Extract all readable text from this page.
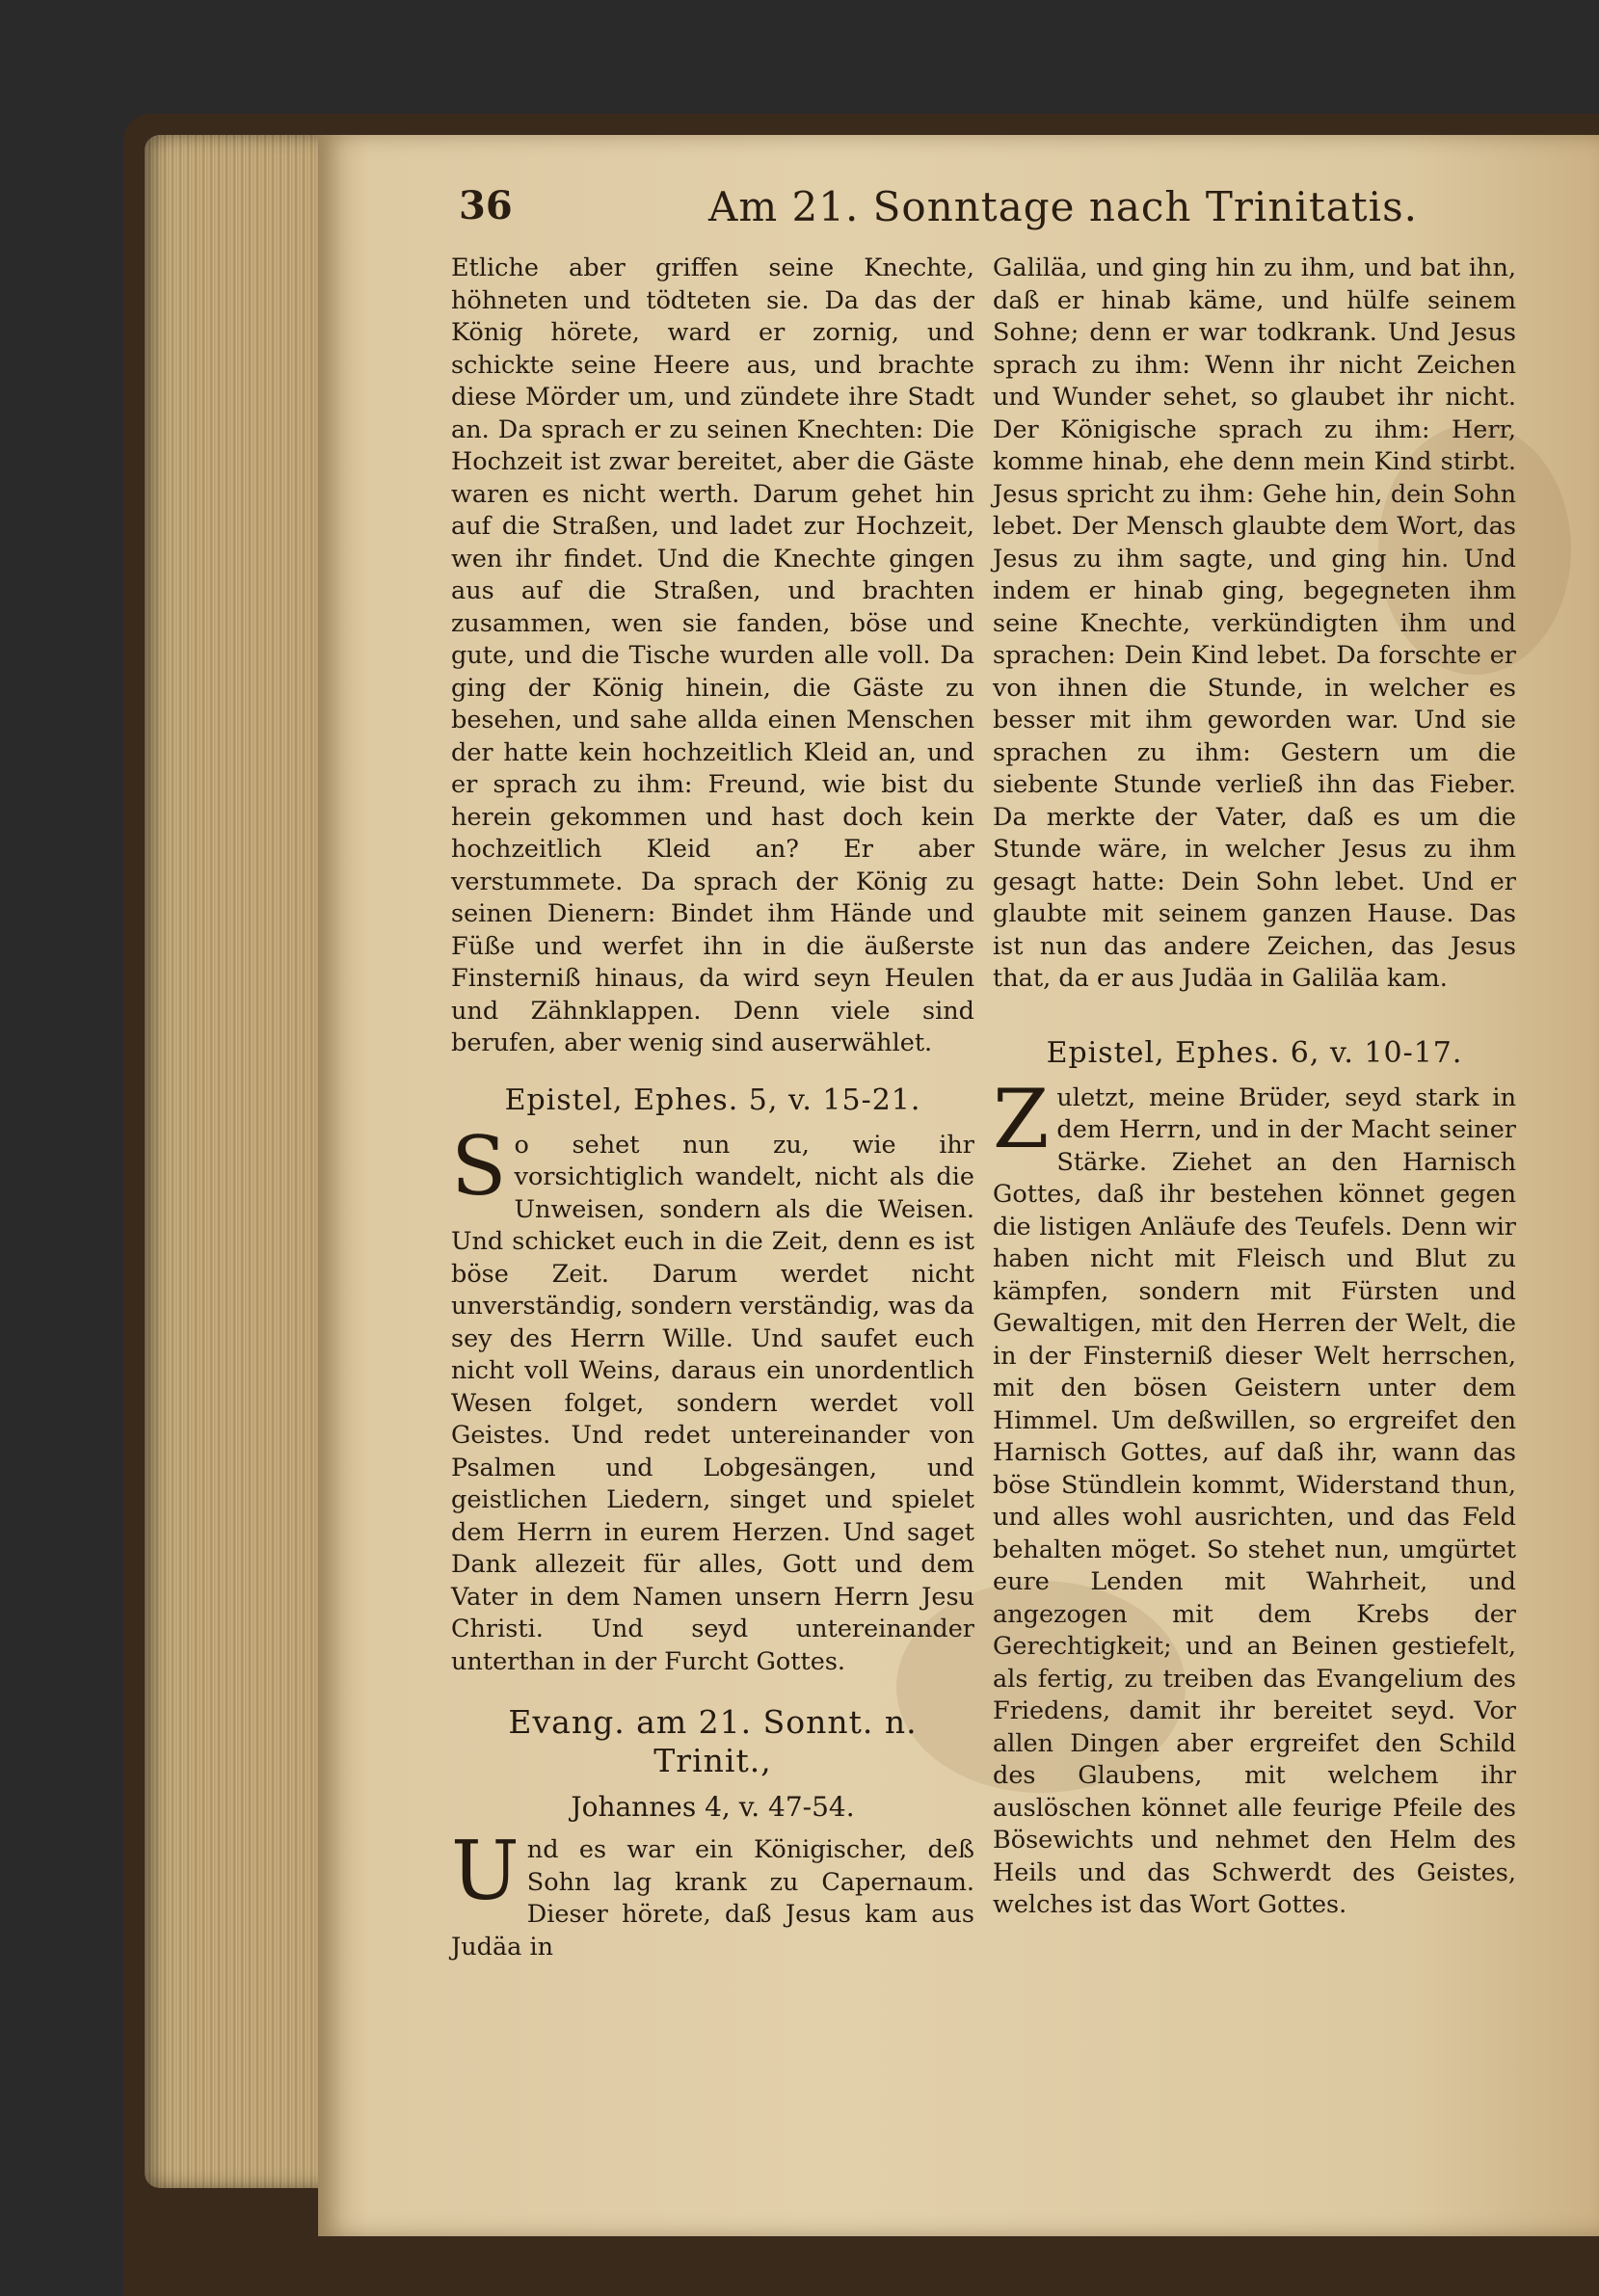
36	Am 21. Sonntage nach Trinitatis.

Etliche aber griffen seine Knechte, höhneten und tödteten sie. Da das der König hörete, ward er zornig, und schickte seine Heere aus, und brachte diese Mörder um, und zündete ihre Stadt an. Da sprach er zu seinen Knechten: Die Hochzeit ist zwar bereitet, aber die Gäste waren es nicht werth. Darum gehet hin auf die Straßen, und ladet zur Hochzeit, wen ihr findet. Und die Knechte gingen aus auf die Straßen, und brachten zusammen, wen sie fanden, böse und gute, und die Tische wurden alle voll. Da ging der König hinein, die Gäste zu besehen, und sahe allda einen Menschen der hatte kein hochzeitlich Kleid an, und er sprach zu ihm: Freund, wie bist du herein gekommen und hast doch kein hochzeitlich Kleid an? Er aber verstummete. Da sprach der König zu seinen Dienern: Bindet ihm Hände und Füße und werfet ihn in die äußerste Finsterniß hinaus, da wird seyn Heulen und Zähnklappen. Denn viele sind berufen, aber wenig sind auserwählet.

Epistel, Ephes. 5, v. 15-21.

S o sehet nun zu, wie ihr vorsichtiglich wandelt, nicht als die Unweisen, sondern als die Weisen. Und schicket euch in die Zeit, denn es ist böse Zeit. Darum werdet nicht unverständig, sondern verständig, was da sey des Herrn Wille. Und saufet euch nicht voll Weins, daraus ein unordentlich Wesen folget, sondern werdet voll Geistes. Und redet untereinander von Psalmen und Lobgesängen, und geistlichen Liedern, singet und spielet dem Herrn in eurem Herzen. Und saget Dank allezeit für alles, Gott und dem Vater in dem Namen unsern Herrn Jesu Christi. Und seyd untereinander unterthan in der Furcht Gottes.

Evang. am 21. Sonnt. n. Trinit.,
Johannes 4, v. 47-54.

U nd es war ein Königischer, deß Sohn lag krank zu Capernaum. Dieser hörete, daß Jesus kam aus Judäa in

Galiläa, und ging hin zu ihm, und bat ihn, daß er hinab käme, und hülfe seinem Sohne; denn er war todkrank. Und Jesus sprach zu ihm: Wenn ihr nicht Zeichen und Wunder sehet, so glaubet ihr nicht. Der Königische sprach zu ihm: Herr, komme hinab, ehe denn mein Kind stirbt. Jesus spricht zu ihm: Gehe hin, dein Sohn lebet. Der Mensch glaubte dem Wort, das Jesus zu ihm sagte, und ging hin. Und indem er hinab ging, begegneten ihm seine Knechte, verkündigten ihm und sprachen: Dein Kind lebet. Da forschte er von ihnen die Stunde, in welcher es besser mit ihm geworden war. Und sie sprachen zu ihm: Gestern um die siebente Stunde verließ ihn das Fieber. Da merkte der Vater, daß es um die Stunde wäre, in welcher Jesus zu ihm gesagt hatte: Dein Sohn lebet. Und er glaubte mit seinem ganzen Hause. Das ist nun das andere Zeichen, das Jesus that, da er aus Judäa in Galiläa kam.

Epistel, Ephes. 6, v. 10-17.

Z uletzt, meine Brüder, seyd stark in dem Herrn, und in der Macht seiner Stärke. Ziehet an den Harnisch Gottes, daß ihr bestehen könnet gegen die listigen Anläufe des Teufels. Denn wir haben nicht mit Fleisch und Blut zu kämpfen, sondern mit Fürsten und Gewaltigen, mit den Herren der Welt, die in der Finsterniß dieser Welt herrschen, mit den bösen Geistern unter dem Himmel. Um deßwillen, so ergreifet den Harnisch Gottes, auf daß ihr, wann das böse Stündlein kommt, Widerstand thun, und alles wohl ausrichten, und das Feld behalten möget. So stehet nun, umgürtet eure Lenden mit Wahrheit, und angezogen mit dem Krebs der Gerechtigkeit; und an Beinen gestiefelt, als fertig, zu treiben das Evangelium des Friedens, damit ihr bereitet seyd. Vor allen Dingen aber ergreifet den Schild des Glaubens, mit welchem ihr auslöschen könnet alle feurige Pfeile des Bösewichts und nehmet den Helm des Heils und das Schwerdt des Geistes, welches ist das Wort Gottes.
